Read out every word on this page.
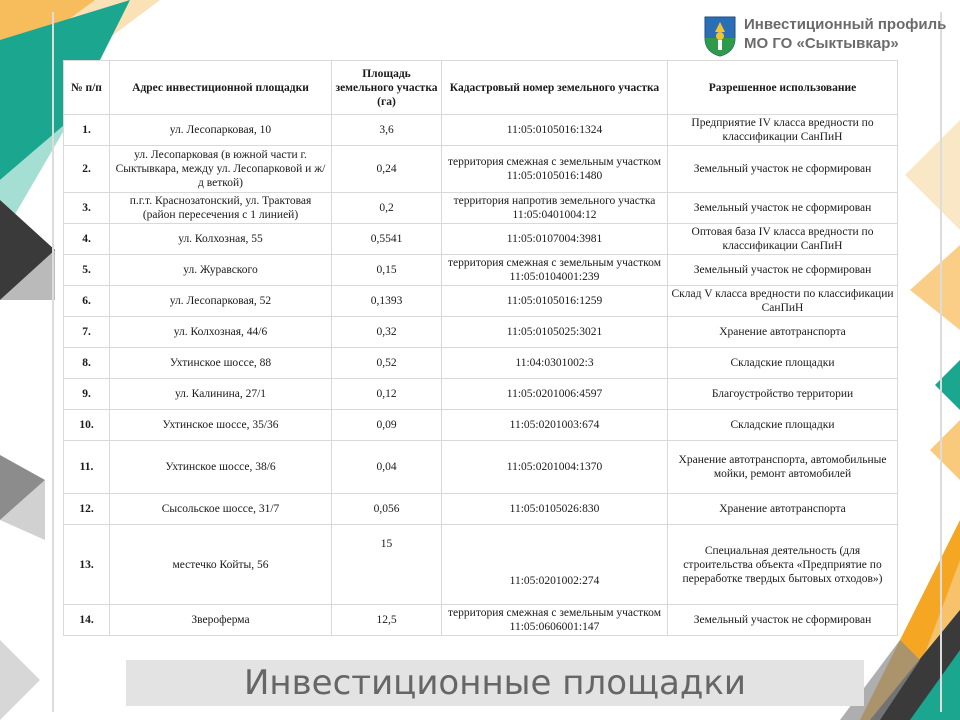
Инвестиционный профиль
МО ГО «Сыктывкар»
№ п/п	Адрес инвестиционной площадки	Площадь земельного участка (га)	Кадастровый номер земельного участка	Разрешенное использование
1.	ул. Лесопарковая, 10	3,6	11:05:0105016:1324	Предприятие IV класса вредности по классификации СанПиН
2.	ул. Лесопарковая (в южной части г. Сыктывкара, между ул. Лесопарковой и ж/д веткой)	0,24	территория смежная с земельным участком 11:05:0105016:1480	Земельный участок не сформирован
3.	п.г.т. Краснозатонский, ул. Трактовая (район пересечения с 1 линией)	0,2	территория напротив земельного участка 11:05:0401004:12	Земельный участок не сформирован
4.	ул. Колхозная, 55	0,5541	11:05:0107004:3981	Оптовая база IV класса вредности по классификации СанПиН
5.	ул. Журавского	0,15	территория смежная с земельным участком 11:05:0104001:239	Земельный участок не сформирован
6.	ул. Лесопарковая, 52	0,1393	11:05:0105016:1259	Склад V класса вредности по классификации СанПиН
7.	ул. Колхозная, 44/6	0,32	11:05:0105025:3021	Хранение автотранспорта
8.	Ухтинское шоссе, 88	0,52	11:04:0301002:3	Складские площадки
9.	ул. Калинина, 27/1	0,12	11:05:0201006:4597	Благоустройство территории
10.	Ухтинское шоссе, 35/36	0,09	11:05:0201003:674	Складские площадки
11.	Ухтинское шоссе, 38/6	0,04	11:05:0201004:1370	Хранение автотранспорта, автомобильные мойки, ремонт автомобилей
12.	Сысольское шоссе, 31/7	0,056	11:05:0105026:830	Хранение автотранспорта
13.	местечко Койты, 56	15	11:05:0201002:274	Специальная деятельность (для строительства объекта «Предприятие по переработке твердых бытовых отходов»)
14.	Звероферма	12,5	территория смежная с земельным участком 11:05:0606001:147	Земельный участок не сформирован
Инвестиционные площадки
